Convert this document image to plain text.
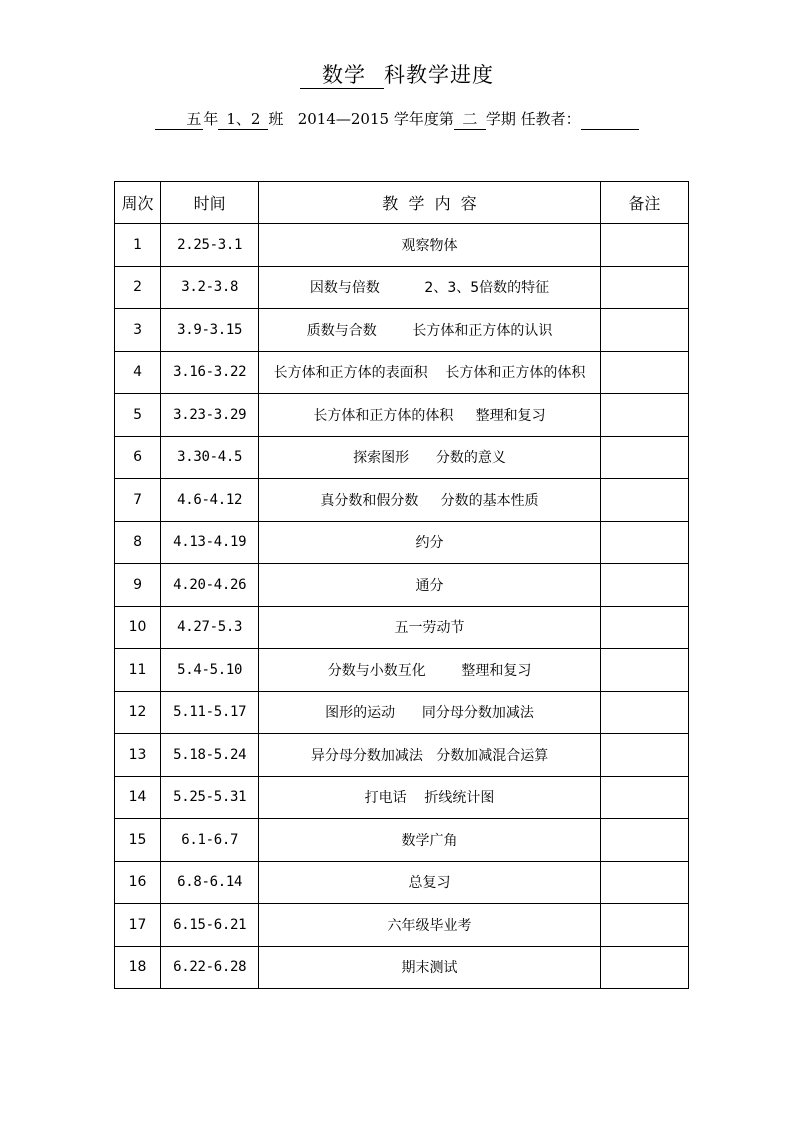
数学 科教学进度
五 年 1、2 班 2014—2015 学年度第 二 学期 任教者：
周次	时间	教  学  内  容	备注
1	2.25-3.1	观察物体	
2	3.2-3.8	因数与倍数          2、3、5倍数的特征	
3	3.9-3.15	质数与合数        长方体和正方体的认识	
4	3.16-3.22	长方体和正方体的表面积    长方体和正方体的体积	
5	3.23-3.29	长方体和正方体的体积     整理和复习	
6	3.30-4.5	探索图形      分数的意义	
7	4.6-4.12	真分数和假分数     分数的基本性质	
8	4.13-4.19	约分	
9	4.20-4.26	通分	
10	4.27-5.3	五一劳动节	
11	5.4-5.10	分数与小数互化        整理和复习	
12	5.11-5.17	图形的运动      同分母分数加减法	
13	5.18-5.24	异分母分数加减法   分数加减混合运算	
14	5.25-5.31	打电话    折线统计图	
15	6.1-6.7	数学广角	
16	6.8-6.14	总复习	
17	6.15-6.21	六年级毕业考	
18	6.22-6.28	期末测试	
